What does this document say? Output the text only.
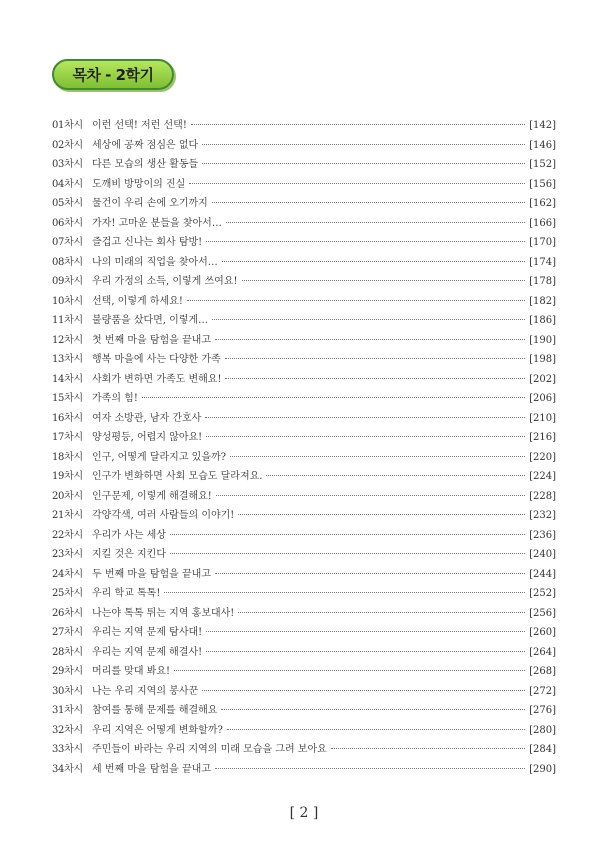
목차 - 2학기
01차시 이런 선택! 저런 선택!	[142]
02차시 세상에 공짜 점심은 없다	[146]
03차시 다른 모습의 생산 활동들	[152]
04차시 도깨비 방망이의 진실	[156]
05차시 물건이 우리 손에 오기까지	[162]
06차시 가자! 고마운 분들을 찾아서…	[166]
07차시 즐겁고 신나는 회사 탐방!	[170]
08차시 나의 미래의 직업을 찾아서…	[174]
09차시 우리 가정의 소득, 이렇게 쓰여요!	[178]
10차시 선택, 이렇게 하세요!	[182]
11차시 불량품을 샀다면, 이렇게…	[186]
12차시 첫 번째 마을 탐험을 끝내고	[190]
13차시 행복 마을에 사는 다양한 가족	[198]
14차시 사회가 변하면 가족도 변해요!	[202]
15차시 가족의 힘!	[206]
16차시 여자 소방관, 남자 간호사	[210]
17차시 양성평등, 어렵지 않아요!	[216]
18차시 인구, 어떻게 달라지고 있을까?	[220]
19차시 인구가 변화하면 사회 모습도 달라져요.	[224]
20차시 인구문제, 이렇게 해결해요!	[228]
21차시 각양각색, 여러 사람들의 이야기!	[232]
22차시 우리가 사는 세상	[236]
23차시 지킬 것은 지킨다	[240]
24차시 두 번째 마을 탐험을 끝내고	[244]
25차시 우리 학교 톡톡!	[252]
26차시 나는야 톡톡 튀는 지역 홍보대사!	[256]
27차시 우리는 지역 문제 탐사대!	[260]
28차시 우리는 지역 문제 해결사!	[264]
29차시 머리를 맞대 봐요!	[268]
30차시 나는 우리 지역의 봉사꾼	[272]
31차시 참여를 통해 문제를 해결해요	[276]
32차시 우리 지역은 어떻게 변화할까?	[280]
33차시 주민들이 바라는 우리 지역의 미래 모습을 그려 보아요	[284]
34차시 세 번째 마을 탐험을 끝내고	[290]
[ 2 ]
